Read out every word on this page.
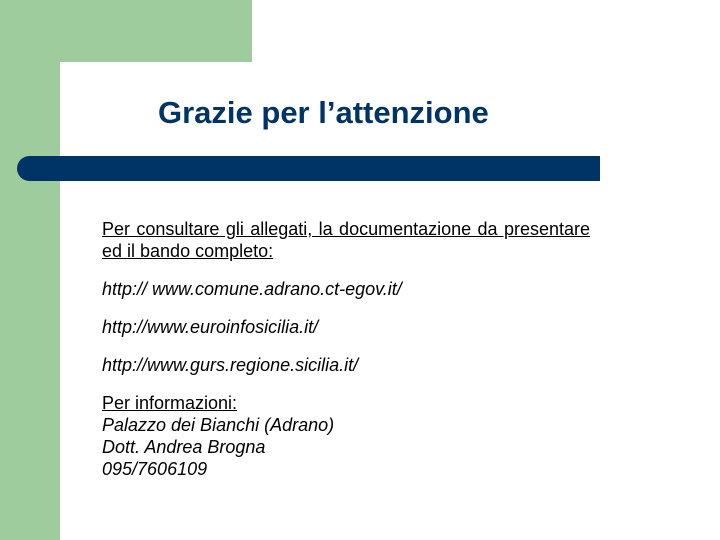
Grazie per l’attenzione

Per consultare gli allegati, la documentazione da presentare ed il bando completo:

http:// www.comune.adrano.ct-egov.it/

http://www.euroinfosicilia.it/

http://www.gurs.regione.sicilia.it/

Per informazioni:

Palazzo dei Bianchi (Adrano)

Dott. Andrea Brogna

095/7606109
